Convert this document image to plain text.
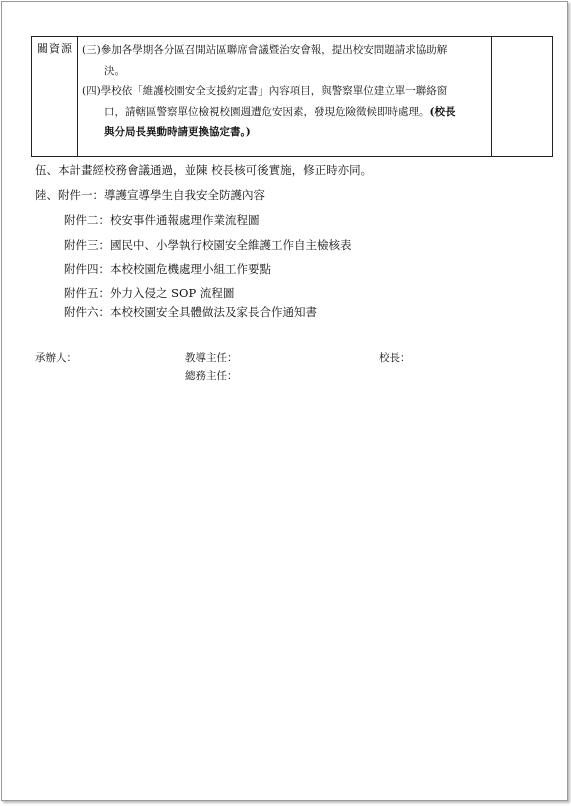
關資源	(三)參加各學期各分區召開站區聯席會議暨治安會報，提出校安問題請求協助解
決。
(四)學校依「維護校園安全支援約定書」內容項目，與警察單位建立單一聯絡窗
口，請轄區警察單位檢視校園週遭危安因素，發現危險徵候即時處理。(校長
與分局長異動時請更換協定書。)

伍、本計畫經校務會議通過，並陳 校長核可後實施，修正時亦同。
陸、附件一：導護宣導學生自我安全防護內容
附件二：校安事件通報處理作業流程圖
附件三：國民中、小學執行校園安全維護工作自主檢核表
附件四：本校校園危機處理小組工作要點
附件五：外力入侵之 SOP 流程圖
附件六：本校校園安全具體做法及家長合作通知書
承辦人：	教導主任：	校長：
總務主任：
